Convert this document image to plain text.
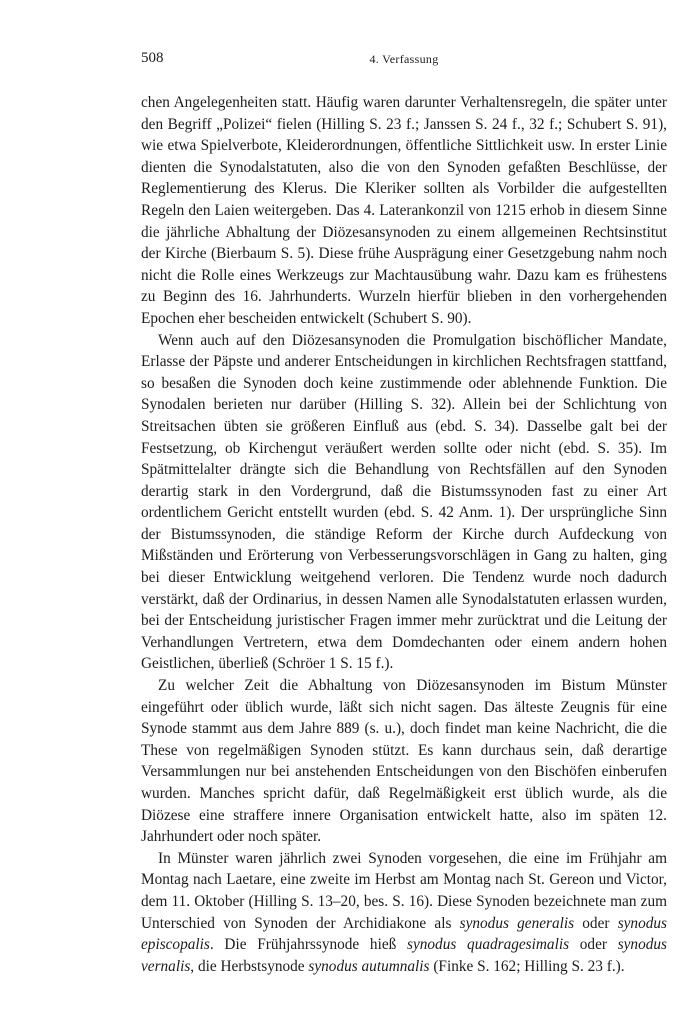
508	4. Verfassung

chen Angelegenheiten statt. Häufig waren darunter Verhaltensregeln, die später unter den Begriff „Polizei“ fielen (Hilling S. 23 f.; Janssen S. 24 f., 32 f.; Schubert S. 91), wie etwa Spielverbote, Kleiderordnungen, öffentliche Sittlichkeit usw. In erster Linie dienten die Synodalstatuten, also die von den Synoden gefaßten Beschlüsse, der Reglementierung des Klerus. Die Kleriker sollten als Vorbilder die aufgestellten Regeln den Laien weitergeben. Das 4. Laterankonzil von 1215 erhob in diesem Sinne die jährliche Abhaltung der Diözesansynoden zu einem allgemeinen Rechtsinstitut der Kirche (Bierbaum S. 5). Diese frühe Ausprägung einer Gesetzgebung nahm noch nicht die Rolle eines Werkzeugs zur Machtausübung wahr. Dazu kam es frühestens zu Beginn des 16. Jahrhunderts. Wurzeln hierfür blieben in den vorhergehenden Epochen eher bescheiden entwickelt (Schubert S. 90).

Wenn auch auf den Diözesansynoden die Promulgation bischöflicher Mandate, Erlasse der Päpste und anderer Entscheidungen in kirchlichen Rechtsfragen stattfand, so besaßen die Synoden doch keine zustimmende oder ablehnende Funktion. Die Synodalen berieten nur darüber (Hilling S. 32). Allein bei der Schlichtung von Streitsachen übten sie größeren Einfluß aus (ebd. S. 34). Dasselbe galt bei der Festsetzung, ob Kirchengut veräußert werden sollte oder nicht (ebd. S. 35). Im Spätmittelalter drängte sich die Behandlung von Rechtsfällen auf den Synoden derartig stark in den Vordergrund, daß die Bistumssynoden fast zu einer Art ordentlichem Gericht entstellt wurden (ebd. S. 42 Anm. 1). Der ursprüngliche Sinn der Bistumssynoden, die ständige Reform der Kirche durch Aufdeckung von Mißständen und Erörterung von Verbesserungsvorschlägen in Gang zu halten, ging bei dieser Entwicklung weitgehend verloren. Die Tendenz wurde noch dadurch verstärkt, daß der Ordinarius, in dessen Namen alle Synodalstatuten erlassen wurden, bei der Entscheidung juristischer Fragen immer mehr zurücktrat und die Leitung der Verhandlungen Vertretern, etwa dem Domdechanten oder einem andern hohen Geistlichen, überließ (Schröer 1 S. 15 f.).

Zu welcher Zeit die Abhaltung von Diözesansynoden im Bistum Münster eingeführt oder üblich wurde, läßt sich nicht sagen. Das älteste Zeugnis für eine Synode stammt aus dem Jahre 889 (s. u.), doch findet man keine Nachricht, die die These von regelmäßigen Synoden stützt. Es kann durchaus sein, daß derartige Versammlungen nur bei anstehenden Entscheidungen von den Bischöfen einberufen wurden. Manches spricht dafür, daß Regelmäßigkeit erst üblich wurde, als die Diözese eine straffere innere Organisation entwickelt hatte, also im späten 12. Jahrhundert oder noch später.

In Münster waren jährlich zwei Synoden vorgesehen, die eine im Frühjahr am Montag nach Laetare, eine zweite im Herbst am Montag nach St. Gereon und Victor, dem 11. Oktober (Hilling S. 13–20, bes. S. 16). Diese Synoden bezeichnete man zum Unterschied von Synoden der Archidiakone als synodus generalis oder synodus episcopalis. Die Frühjahrssynode hieß synodus quadragesimalis oder synodus vernalis, die Herbstsynode synodus autumnalis (Finke S. 162; Hilling S. 23 f.).
